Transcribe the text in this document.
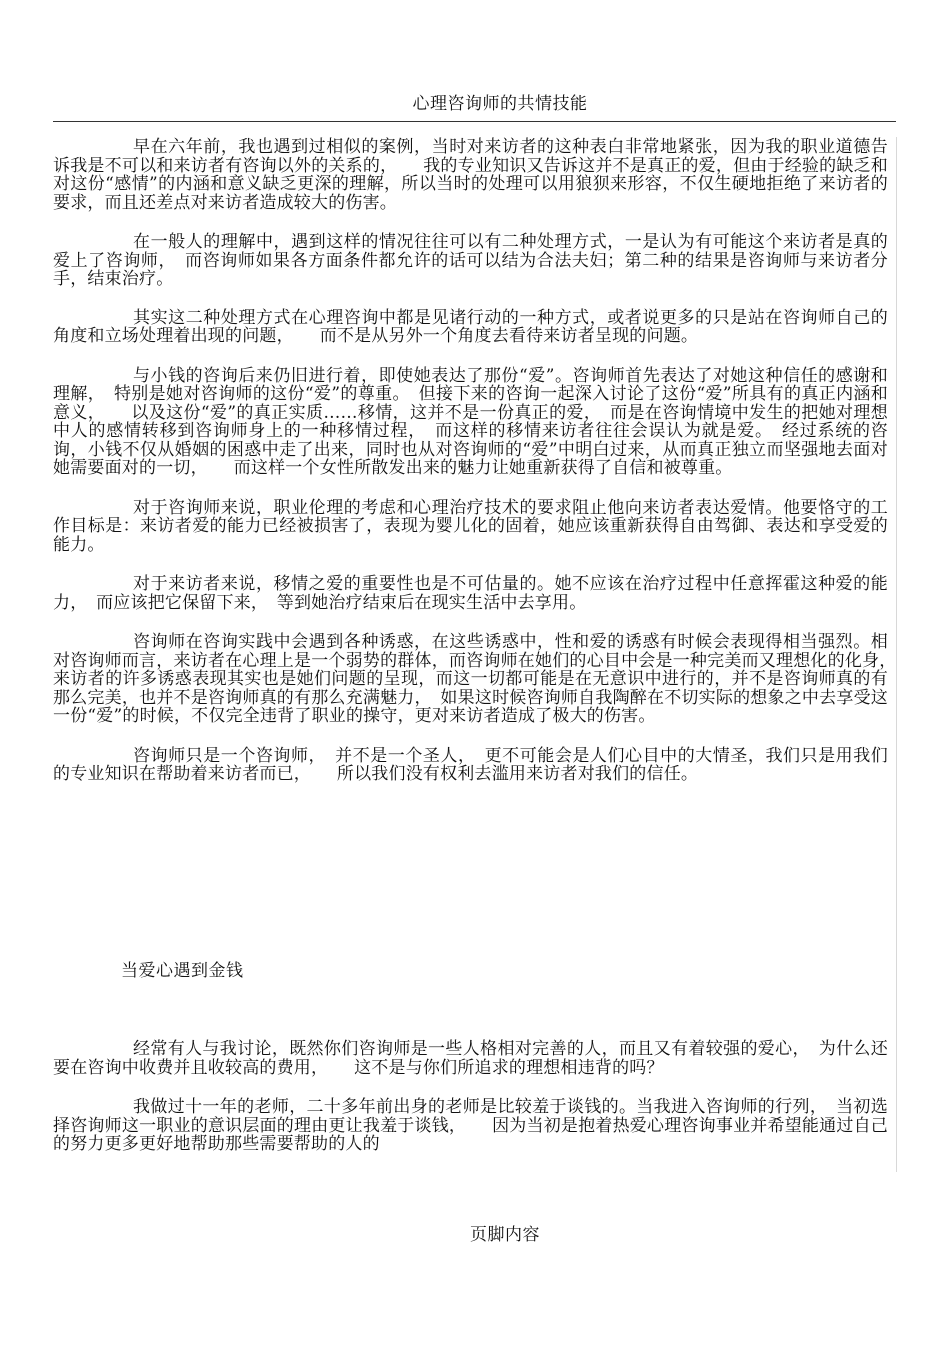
心理咨询师的共情技能

早在六年前，我也遇到过相似的案例，当时对来访者的这种表白非常地紧张，因为我的职业道德告诉我是不可以和来访者有咨询以外的关系的，　　我的专业知识又告诉这并不是真正的爱，但由于经验的缺乏和对这份“感情”的内涵和意义缺乏更深的理解，所以当时的处理可以用狼狈来形容，不仅生硬地拒绝了来访者的要求，而且还差点对来访者造成较大的伤害。

在一般人的理解中，遇到这样的情况往往可以有二种处理方式，一是认为有可能这个来访者是真的爱上了咨询师，　而咨询师如果各方面条件都允许的话可以结为合法夫妇；第二种的结果是咨询师与来访者分手，结束治疗。

其实这二种处理方式在心理咨询中都是见诸行动的一种方式，或者说更多的只是站在咨询师自己的角度和立场处理着出现的问题，　　而不是从另外一个角度去看待来访者呈现的问题。

与小钱的咨询后来仍旧进行着，即使她表达了那份“爱”。咨询师首先表达了对她这种信任的感谢和理解，　特别是她对咨询师的这份“爱”的尊重。　但接下来的咨询一起深入讨论了这份“爱”所具有的真正内涵和意义，　　以及这份“爱”的真正实质……移情，这并不是一份真正的爱，　而是在咨询情境中发生的把她对理想中人的感情转移到咨询师身上的一种移情过程，　而这样的移情来访者往往会误认为就是爱。　经过系统的咨询，小钱不仅从婚姻的困惑中走了出来，同时也从对咨询师的“爱”中明白过来，从而真正独立而坚强地去面对她需要面对的一切，　　而这样一个女性所散发出来的魅力让她重新获得了自信和被尊重。

对于咨询师来说，职业伦理的考虑和心理治疗技术的要求阻止他向来访者表达爱情。他要恪守的工作目标是：来访者爱的能力已经被损害了，表现为婴儿化的固着，她应该重新获得自由驾御、表达和享受爱的能力。

对于来访者来说，移情之爱的重要性也是不可估量的。她不应该在治疗过程中任意挥霍这种爱的能力，　而应该把它保留下来，　等到她治疗结束后在现实生活中去享用。

咨询师在咨询实践中会遇到各种诱惑，在这些诱惑中，性和爱的诱惑有时候会表现得相当强烈。相对咨询师而言，来访者在心理上是一个弱势的群体，而咨询师在她们的心目中会是一种完美而又理想化的化身，　　来访者的许多诱惑表现其实也是她们问题的呈现，而这一切都可能是在无意识中进行的，并不是咨询师真的有那么完美，也并不是咨询师真的有那么充满魅力，　如果这时候咨询师自我陶醉在不切实际的想象之中去享受这一份“爱”的时候，不仅完全违背了职业的操守，更对来访者造成了极大的伤害。

咨询师只是一个咨询师，　并不是一个圣人，　更不可能会是人们心目中的大情圣，我们只是用我们的专业知识在帮助着来访者而已，　　所以我们没有权利去滥用来访者对我们的信任。

当爱心遇到金钱

经常有人与我讨论，既然你们咨询师是一些人格相对完善的人，而且又有着较强的爱心，　为什么还要在咨询中收费并且收较高的费用，　　这不是与你们所追求的理想相违背的吗？

我做过十一年的老师，二十多年前出身的老师是比较羞于谈钱的。当我进入咨询师的行列，　当初选择咨询师这一职业的意识层面的理由更让我羞于谈钱，　　因为当初是抱着热爱心理咨询事业并希望能通过自己的努力更多更好地帮助那些需要帮助的人的

页脚内容
